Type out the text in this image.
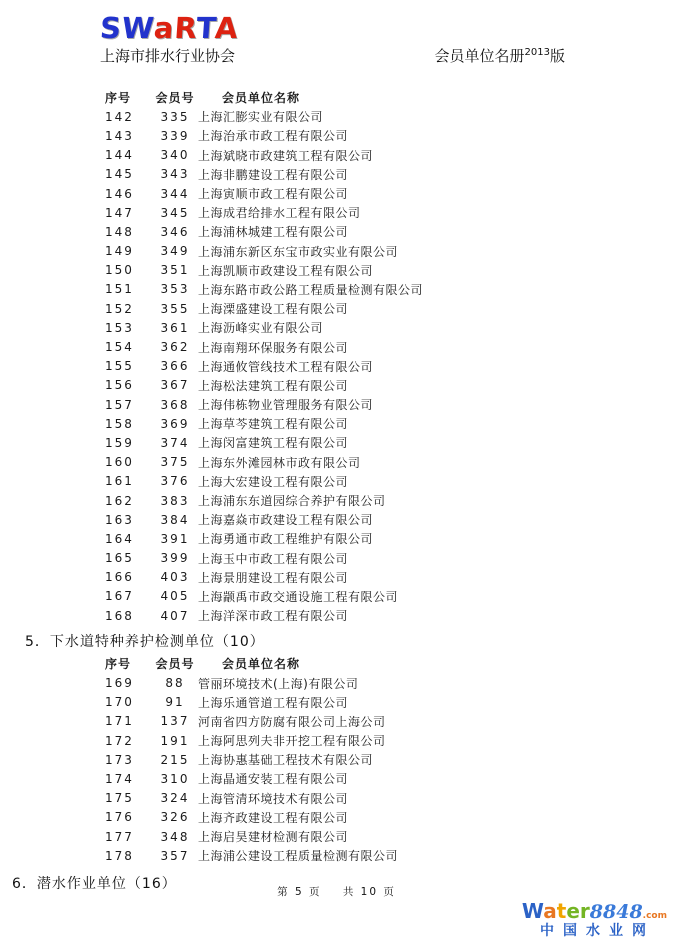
SWaRTA
上海市排水行业协会	会员单位名册$^{2013}$版
序号	会员号	会员单位名称
142	335 上海汇膨实业有限公司
143	339 上海治承市政工程有限公司
144	340 上海斌晓市政建筑工程有限公司
145	343 上海非鹏建设工程有限公司
146	344 上海寅顺市政工程有限公司
147	345 上海成君给排水工程有限公司
148	346 上海浦林城建工程有限公司
149	349 上海浦东新区东宝市政实业有限公司
150	351 上海凯顺市政建设工程有限公司
151	353 上海东路市政公路工程质量检测有限公司
152	355 上海溧盛建设工程有限公司
153	361 上海沥峰实业有限公司
154	362 上海南翔环保服务有限公司
155	366 上海通攸管线技术工程有限公司
156	367 上海松法建筑工程有限公司
157	368 上海伟栋物业管理服务有限公司
158	369 上海草芩建筑工程有限公司
159	374 上海闵富建筑工程有限公司
160	375 上海东外滩园林市政有限公司
161	376 上海大宏建设工程有限公司
162	383 上海浦东东道园综合养护有限公司
163	384 上海嘉焱市政建设工程有限公司
164	391 上海勇通市政工程维护有限公司
165	399 上海玉中市政工程有限公司
166	403 上海景朋建设工程有限公司
167	405 上海颛禹市政交通设施工程有限公司
168	407 上海洋深市政工程有限公司
5．下水道特种养护检测单位（10）
序号	会员号	会员单位名称
169	88	管丽环境技术(上海)有限公司
170	91	上海乐通管道工程有限公司
171	137 河南省四方防腐有限公司上海公司
172	191 上海阿思列夫非开挖工程有限公司
173	215 上海协惠基础工程技术有限公司
174	310 上海晶通安装工程有限公司
175	324 上海管清环境技术有限公司
176	326 上海齐政建设工程有限公司
177	348 上海启昊建材检测有限公司
178	357 上海浦公建设工程质量检测有限公司
6．潜水作业单位（16）	第 5 页    共 10 页
Water8848.com
中国水业网
